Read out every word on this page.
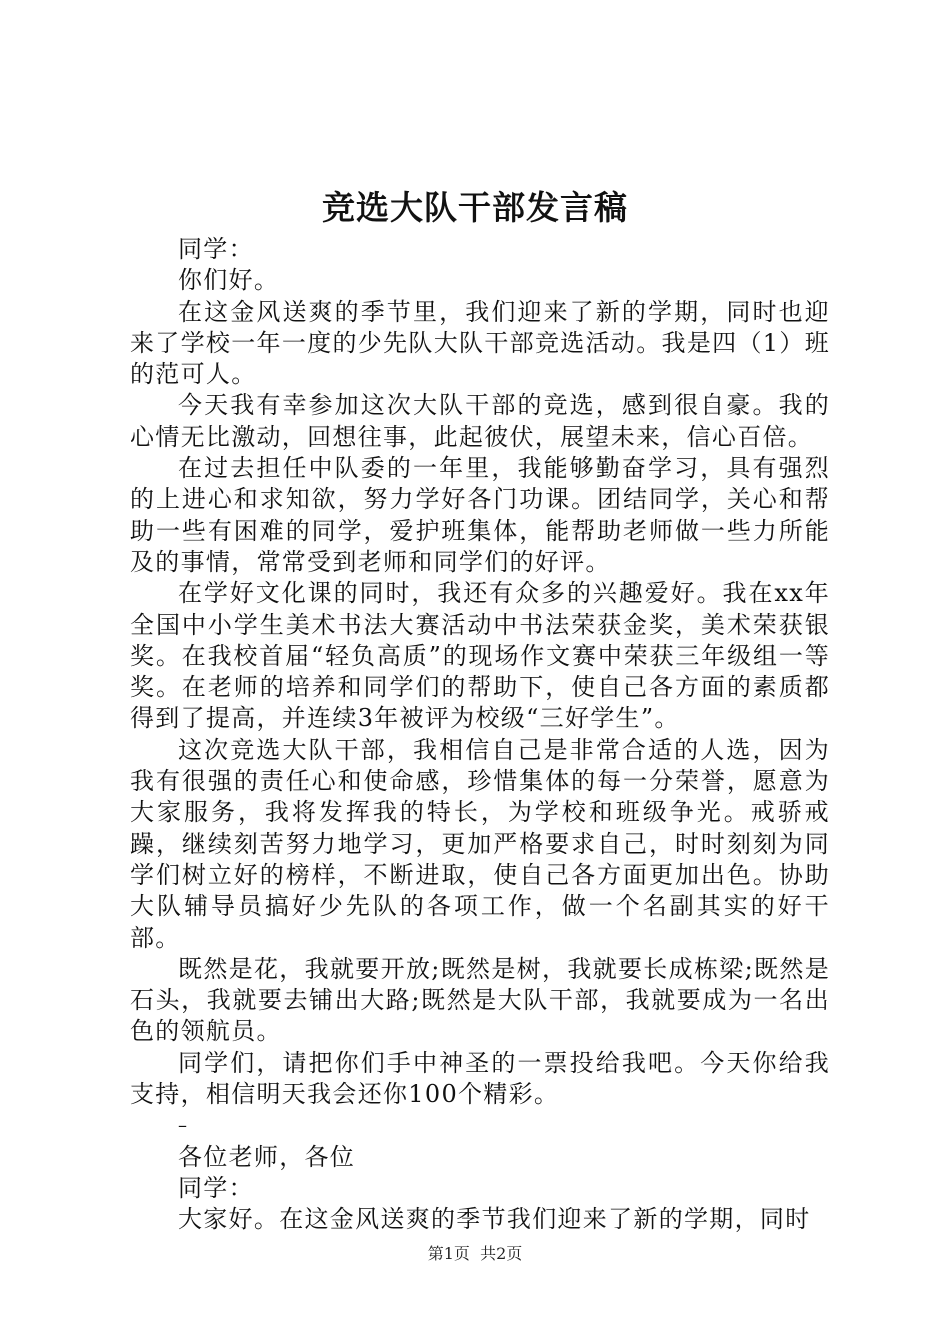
竞选大队干部发言稿

同学：

你们好。

在这金风送爽的季节里，我们迎来了新的学期，同时也迎来了学校一年一度的少先队大队干部竞选活动。我是四（1）班的范可人。

今天我有幸参加这次大队干部的竞选，感到很自豪。我的心情无比激动，回想往事，此起彼伏，展望未来，信心百倍。

在过去担任中队委的一年里，我能够勤奋学习，具有强烈的上进心和求知欲，努力学好各门功课。团结同学，关心和帮助一些有困难的同学，爱护班集体，能帮助老师做一些力所能及的事情，常常受到老师和同学们的好评。

在学好文化课的同时，我还有众多的兴趣爱好。我在xx年全国中小学生美术书法大赛活动中书法荣获金奖，美术荣获银奖。在我校首届“轻负高质”的现场作文赛中荣获三年级组一等奖。在老师的培养和同学们的帮助下，使自己各方面的素质都得到了提高，并连续3年被评为校级“三好学生”。

这次竞选大队干部，我相信自己是非常合适的人选，因为我有很强的责任心和使命感，珍惜集体的每一分荣誉，愿意为大家服务，我将发挥我的特长，为学校和班级争光。戒骄戒躁，继续刻苦努力地学习，更加严格要求自己，时时刻刻为同学们树立好的榜样，不断进取，使自己各方面更加出色。协助大队辅导员搞好少先队的各项工作，做一个名副其实的好干部。

既然是花，我就要开放;既然是树，我就要长成栋梁;既然是石头，我就要去铺出大路;既然是大队干部，我就要成为一名出色的领航员。

同学们，请把你们手中神圣的一票投给我吧。今天你给我支持，相信明天我会还你100个精彩。

–

各位老师，各位

同学：

大家好。在这金风送爽的季节我们迎来了新的学期，同时

第1页  共2页
